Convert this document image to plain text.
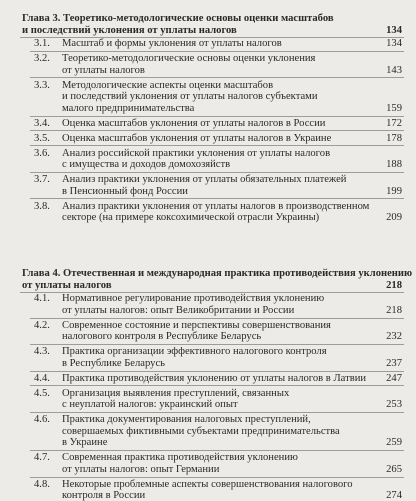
Глава 3. Теоретико-методологические основы оценки масштабов
и последствий уклонения от уплаты налогов	134
3.1. Масштаб и формы уклонения от уплаты налогов	134
3.2. Теоретико-методологические основы оценки уклонения
от уплаты налогов	143
3.3. Методологические аспекты оценки масштабов
и последствий уклонения от уплаты налогов субъектами
малого предпринимательства	159
3.4. Оценка масштабов уклонения от уплаты налогов в России	172
3.5. Оценка масштабов уклонения от уплаты налогов в Украине	178
3.6. Анализ российской практики уклонения от уплаты налогов
с имущества и доходов домохозяйств	188
3.7. Анализ практики уклонения от уплаты обязательных платежей
в Пенсионный фонд России	199
3.8. Анализ практики уклонения от уплаты налогов в производственном
секторе (на примере коксохимической отрасли Украины)	209
Глава 4. Отечественная и международная практика противодействия уклонению
от уплаты налогов	218
4.1. Нормативное регулирование противодействия уклонению
от уплаты налогов: опыт Великобритании и России	218
4.2. Современное состояние и перспективы совершенствования
налогового контроля в Республике Беларусь	232
4.3. Практика организации эффективного налогового контроля
в Республике Беларусь	237
4.4. Практика противодействия уклонению от уплаты налогов в Латвии	247
4.5. Организация выявления преступлений, связанных
с неуплатой налогов: украинский опыт	253
4.6. Практика документирования налоговых преступлений,
совершаемых фиктивными субъектами предпринимательства
в Украине	259
4.7. Современная практика противодействия уклонению
от уплаты налогов: опыт Германии	265
4.8. Некоторые проблемные аспекты совершенствования налогового
контроля в России	274
